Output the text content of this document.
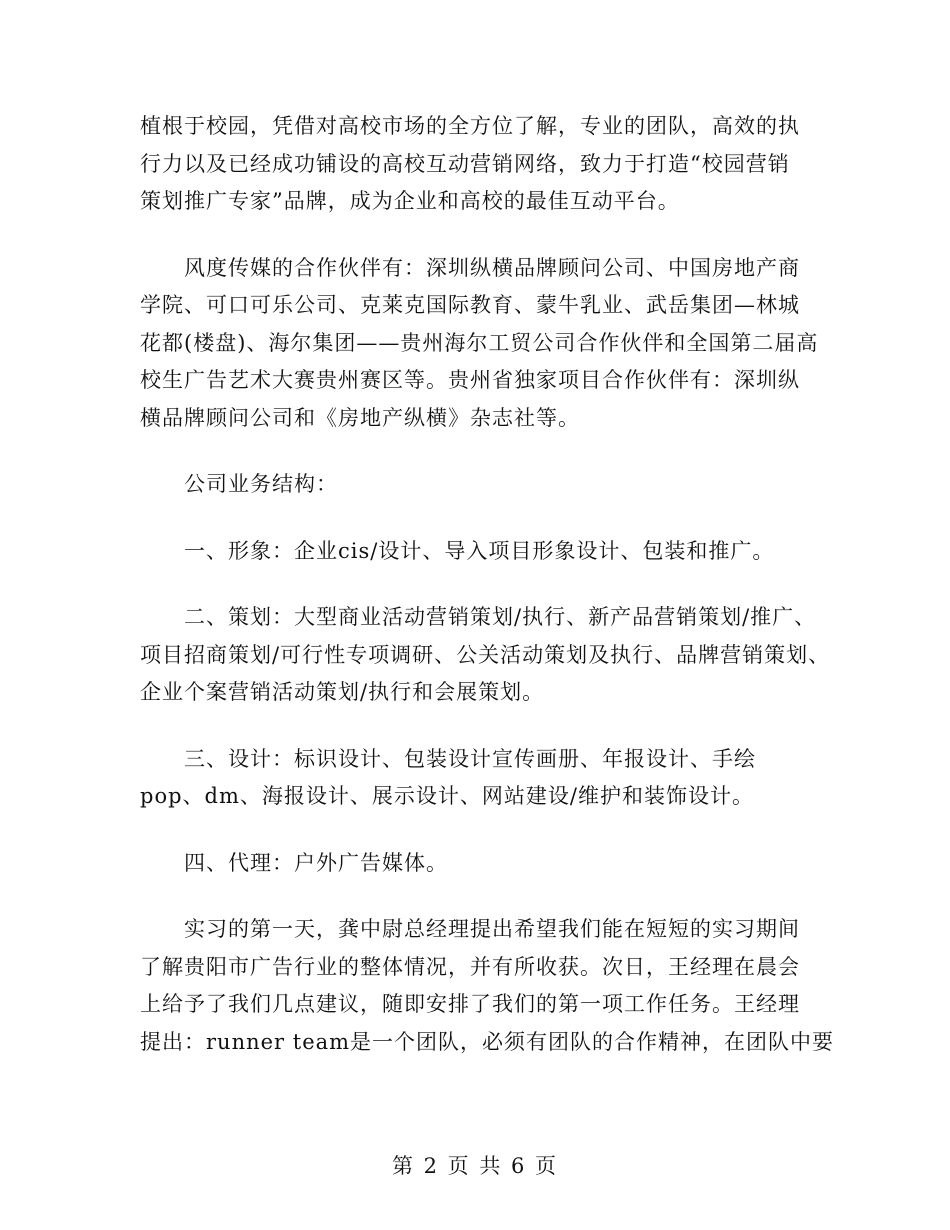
植根于校园，凭借对高校市场的全方位了解，专业的团队，高效的执
行力以及已经成功铺设的高校互动营销网络，致力于打造“校园营销
策划推广专家”品牌，成为企业和高校的最佳互动平台。

风度传媒的合作伙伴有：深圳纵横品牌顾问公司、中国房地产商
学院、可口可乐公司、克莱克国际教育、蒙牛乳业、武岳集团—林城
花都(楼盘)、海尔集团——贵州海尔工贸公司合作伙伴和全国第二届高
校生广告艺术大赛贵州赛区等。贵州省独家项目合作伙伴有：深圳纵
横品牌顾问公司和《房地产纵横》杂志社等。

公司业务结构：

一、形象：企业cis/设计、导入项目形象设计、包装和推广。

二、策划：大型商业活动营销策划/执行、新产品营销策划/推广、
项目招商策划/可行性专项调研、公关活动策划及执行、品牌营销策划、
企业个案营销活动策划/执行和会展策划。

三、设计：标识设计、包装设计宣传画册、年报设计、手绘
pop、dm、海报设计、展示设计、网站建设/维护和装饰设计。

四、代理：户外广告媒体。

实习的第一天，龚中尉总经理提出希望我们能在短短的实习期间
了解贵阳市广告行业的整体情况，并有所收获。次日，王经理在晨会
上给予了我们几点建议，随即安排了我们的第一项工作任务。王经理
提出：runner team是一个团队，必须有团队的合作精神，在团队中要

第 2 页 共 6 页
